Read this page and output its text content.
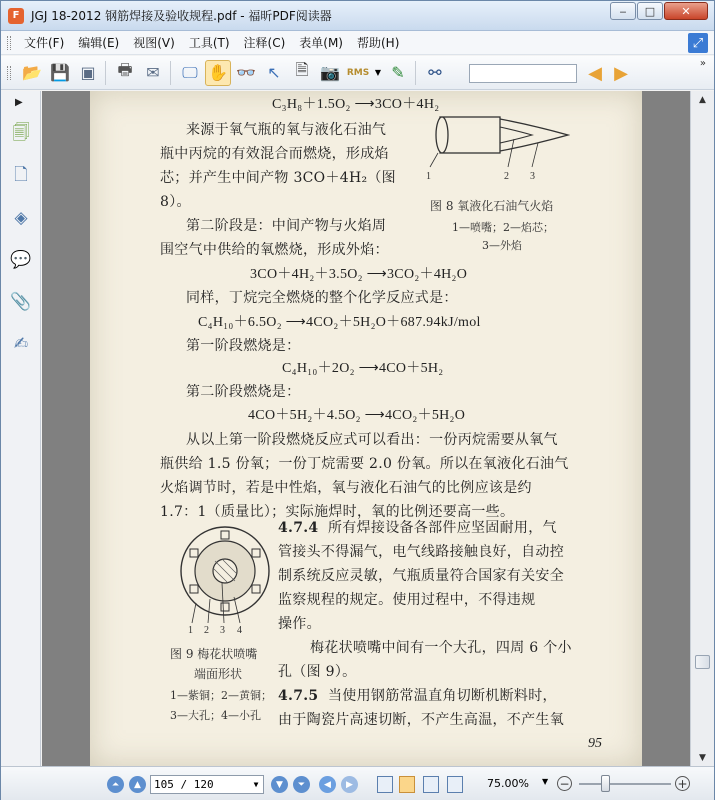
F JGJ 18-2012 钢筋焊接及验收规程.pdf - 福昕PDF阅读器	‒	□	✕
文件(F)	编辑(E)	视图(V)	工具(T)	注释(C)	表单(M)	帮助(H)	⤢
📂 💾 ▣	🖶 ✉	🖵 ✋ 👓 ↖ 🗎 📷 RMS ▼ ✎	⚯	◀ ▶	»
▶
🗐
🗋
◈
💬
📎
✍
C₃H₈＋1.5O₂ ⟶3CO＋4H₂
来源于氧气瓶的氧与液化石油气
瓶中丙烷的有效混合而燃烧，形成焰
芯；并产生中间产物 3CO＋4H₂（图
8）。
1	2 3
图 8 氧液化石油气火焰
1—喷嘴；2—焰芯；
3—外焰
第二阶段是：中间产物与火焰周
围空气中供给的氧燃烧，形成外焰：
3CO＋4H₂＋3.5O₂ ⟶3CO₂＋4H₂O
同样，丁烷完全燃烧的整个化学反应式是：
C₄H₁₀＋6.5O₂ ⟶4CO₂＋5H₂O＋687.94kJ/mol
第一阶段燃烧是：
C₄H₁₀＋2O₂ ⟶4CO＋5H₂
第二阶段燃烧是：
4CO＋5H₂＋4.5O₂ ⟶4CO₂＋5H₂O
从以上第一阶段燃烧反应式可以看出：一份丙烷需要从氧气
瓶供给 1.5 份氧；一份丁烷需要 2.0 份氧。所以在氧液化石油气
火焰调节时，若是中性焰，氧与液化石油气的比例应该是约
1.7：1（质量比）；实际施焊时，氧的比例还要高一些。
1 2 3 4
图 9 梅花状喷嘴
端面形状
1—紫铜；2—黄铜；
3—大孔；4—小孔
4.7.4 所有焊接设备各部件应坚固耐用，气
管接头不得漏气，电气线路接触良好，自动控
制系统反应灵敏，气瓶质量符合国家有关安全
监察规程的规定。使用过程中，不得违规
操作。
梅花状喷嘴中间有一个大孔，四周 6 个小
孔（图 9）。
4.7.5 当使用钢筋常温直角切断机断料时，
由于陶瓷片高速切断，不产生高温，不产生氧
95
▲
▼
⏶	▲	105 / 120	▼	▼	⏷	◀	▶	75.00% ▼ −	+
